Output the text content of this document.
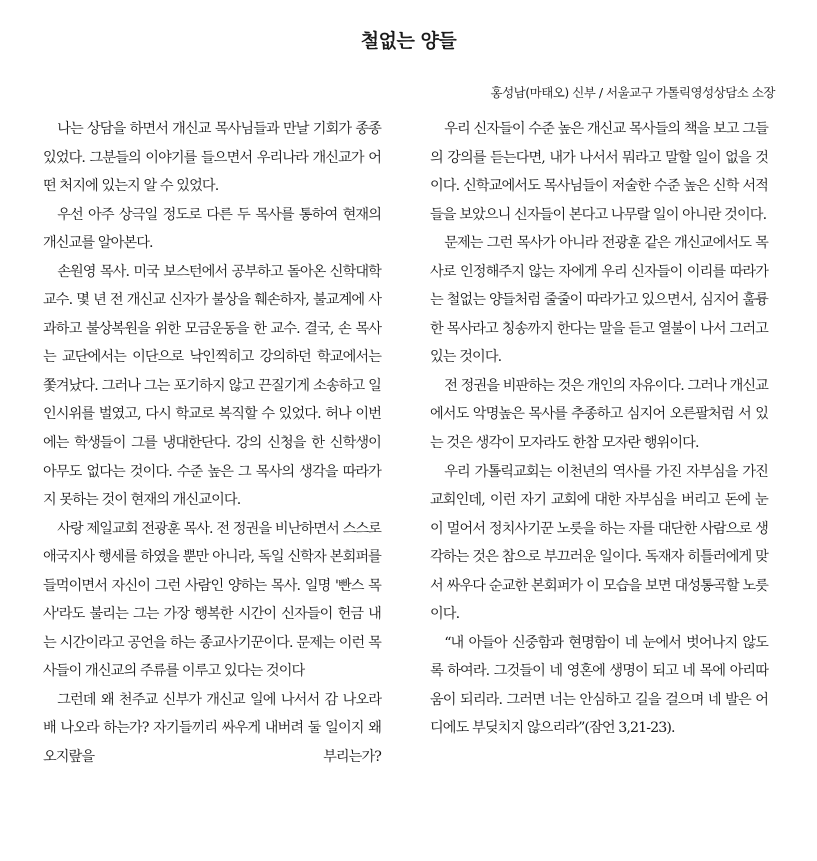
철없는 양들
홍성남(마태오) 신부 / 서울교구 가톨릭영성상담소 소장

나는 상담을 하면서 개신교 목사님들과 만날 기회가 종종 있었다. 그분들의 이야기를 들으면서 우리나라 개신교가 어떤 처지에 있는지 알 수 있었다.

우선 아주 상극일 정도로 다른 두 목사를 통하여 현재의 개신교를 알아본다.

손원영 목사. 미국 보스턴에서 공부하고 돌아온 신학대학 교수. 몇 년 전 개신교 신자가 불상을 훼손하자, 불교계에 사과하고 불상복원을 위한 모금운동을 한 교수. 결국, 손 목사는 교단에서는 이단으로 낙인찍히고 강의하던 학교에서는 쫓겨났다. 그러나 그는 포기하지 않고 끈질기게 소송하고 일인시위를 벌였고, 다시 학교로 복직할 수 있었다. 허나 이번에는 학생들이 그를 냉대한단다. 강의 신청을 한 신학생이 아무도 없다는 것이다. 수준 높은 그 목사의 생각을 따라가지 못하는 것이 현재의 개신교이다.

사랑 제일교회 전광훈 목사. 전 정권을 비난하면서 스스로 애국지사 행세를 하였을 뿐만 아니라, 독일 신학자 본회퍼를 들먹이면서 자신이 그런 사람인 양하는 목사. 일명 '빤스 목사'라도 불리는 그는 가장 행복한 시간이 신자들이 헌금 내는 시간이라고 공언을 하는 종교사기꾼이다. 문제는 이런 목사들이 개신교의 주류를 이루고 있다는 것이다

그런데 왜 천주교 신부가 개신교 일에 나서서 감 나오라 배 나오라 하는가? 자기들끼리 싸우게 내버려 둘 일이지 왜 오지랖을 부리는가?

우리 신자들이 수준 높은 개신교 목사들의 책을 보고 그들의 강의를 듣는다면, 내가 나서서 뭐라고 말할 일이 없을 것이다. 신학교에서도 목사님들이 저술한 수준 높은 신학 서적들을 보았으니 신자들이 본다고 나무랄 일이 아니란 것이다.

문제는 그런 목사가 아니라 전광훈 같은 개신교에서도 목사로 인정해주지 않는 자에게 우리 신자들이 이리를 따라가는 철없는 양들처럼 줄줄이 따라가고 있으면서, 심지어 훌륭한 목사라고 칭송까지 한다는 말을 듣고 열불이 나서 그러고 있는 것이다.

전 정권을 비판하는 것은 개인의 자유이다. 그러나 개신교에서도 악명높은 목사를 추종하고 심지어 오른팔처럼 서 있는 것은 생각이 모자라도 한참 모자란 행위이다.

우리 가톨릭교회는 이천년의 역사를 가진 자부심을 가진 교회인데, 이런 자기 교회에 대한 자부심을 버리고 돈에 눈이 멀어서 정치사기꾼 노릇을 하는 자를 대단한 사람으로 생각하는 것은 참으로 부끄러운 일이다. 독재자 히틀러에게 맞서 싸우다 순교한 본회퍼가 이 모습을 보면 대성통곡할 노릇이다.

“내 아들아 신중함과 현명함이 네 눈에서 벗어나지 않도록 하여라. 그것들이 네 영혼에 생명이 되고 네 목에 아리따움이 되리라. 그러면 너는 안심하고 길을 걸으며 네 발은 어디에도 부딪치지 않으리라”(잠언 3,21-23).
